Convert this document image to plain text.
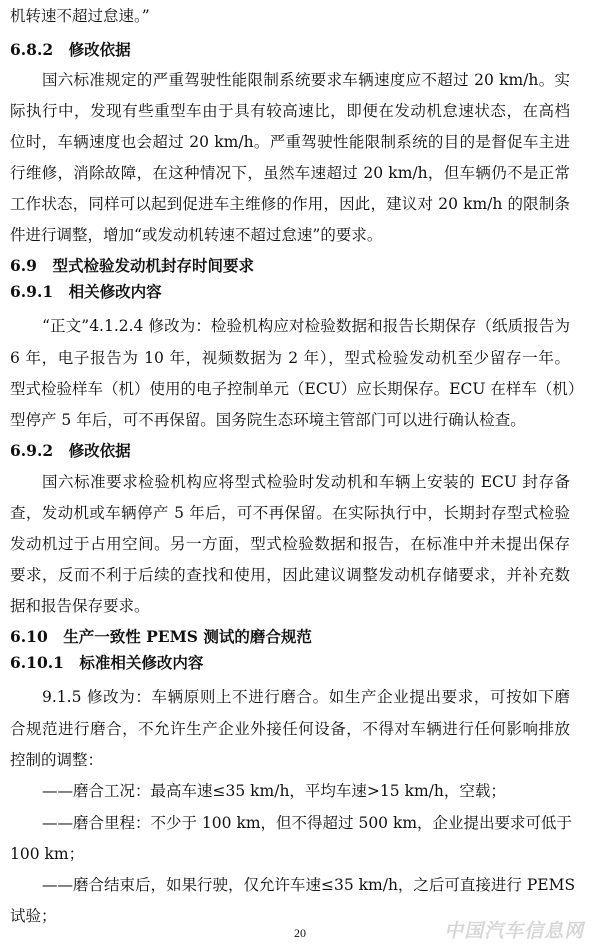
机转速不超过怠速。”
6.8.2　修改依据
国六标准规定的严重驾驶性能限制系统要求车辆速度应不超过 20 km/h。实
际执行中，发现有些重型车由于具有较高速比，即便在发动机怠速状态，在高档
位时，车辆速度也会超过 20 km/h。严重驾驶性能限制系统的目的是督促车主进
行维修，消除故障，在这种情况下，虽然车速超过 20 km/h，但车辆仍不是正常
工作状态，同样可以起到促进车主维修的作用，因此，建议对 20 km/h 的限制条
件进行调整，增加“或发动机转速不超过怠速”的要求。
6.9　型式检验发动机封存时间要求
6.9.1　相关修改内容
“正文”4.1.2.4 修改为：检验机构应对检验数据和报告长期保存（纸质报告为
6 年，电子报告为 10 年，视频数据为 2 年），型式检验发动机至少留存一年。
型式检验样车（机）使用的电子控制单元（ECU）应长期保存。ECU 在样车（机）
型停产 5 年后，可不再保留。国务院生态环境主管部门可以进行确认检查。
6.9.2　修改依据
国六标准要求检验机构应将型式检验时发动机和车辆上安装的 ECU 封存备
查，发动机或车辆停产 5 年后，可不再保留。在实际执行中，长期封存型式检验
发动机过于占用空间。另一方面，型式检验数据和报告，在标准中并未提出保存
要求，反而不利于后续的查找和使用，因此建议调整发动机存储要求，并补充数
据和报告保存要求。
6.10　生产一致性 PEMS 测试的磨合规范
6.10.1　标准相关修改内容
9.1.5 修改为：车辆原则上不进行磨合。如生产企业提出要求，可按如下磨
合规范进行磨合，不允许生产企业外接任何设备，不得对车辆进行任何影响排放
控制的调整：
——磨合工况：最高车速≤35 km/h，平均车速>15 km/h，空载；
——磨合里程：不少于 100 km，但不得超过 500 km，企业提出要求可低于
100 km；
——磨合结束后，如果行驶，仅允许车速≤35 km/h，之后可直接进行 PEMS
试验；
20	中国汽车信息网
